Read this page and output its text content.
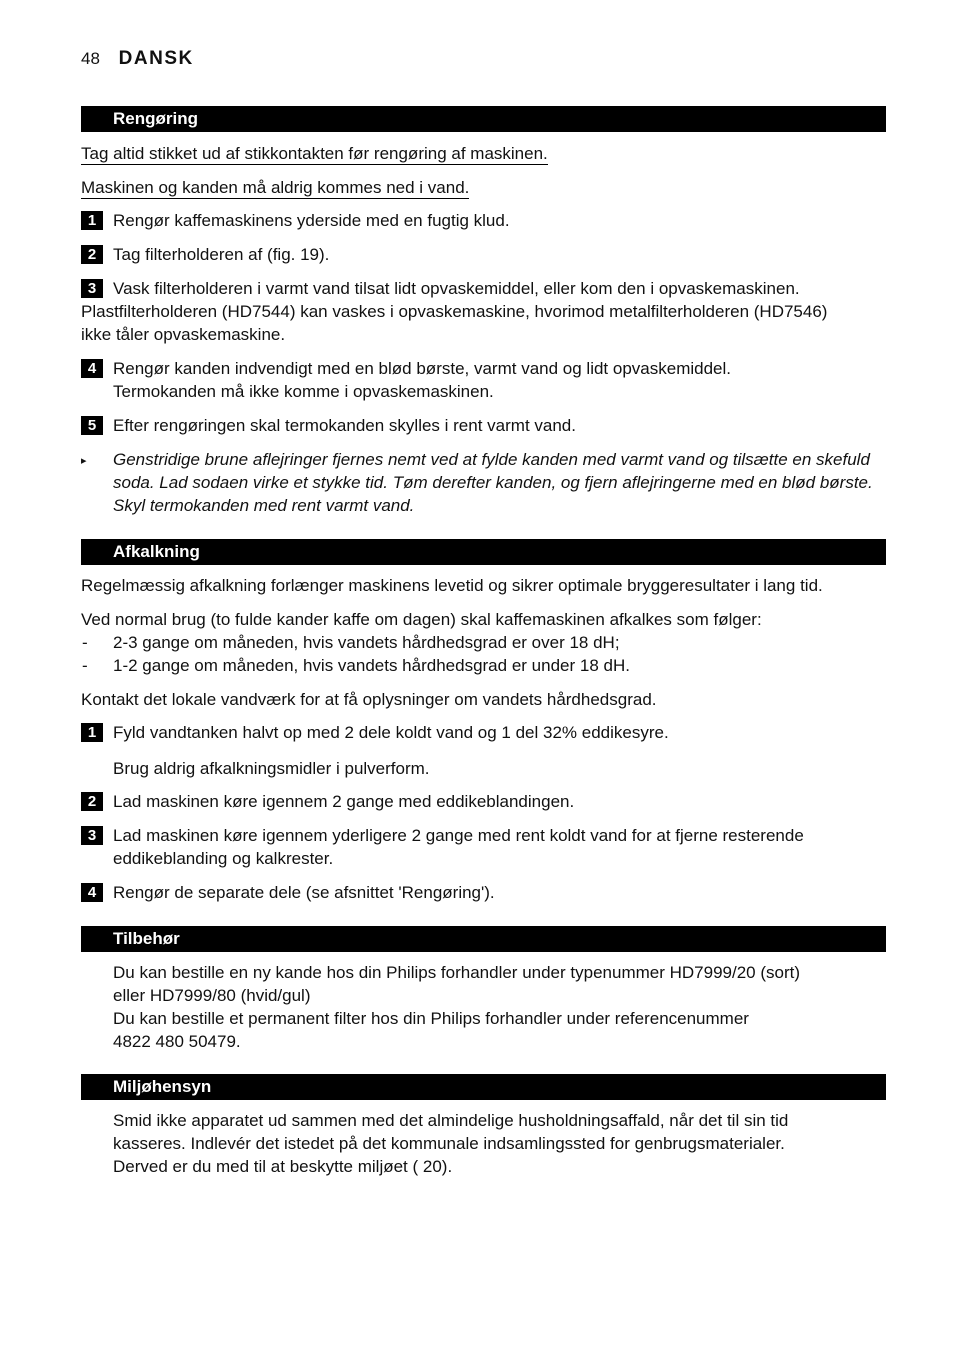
48 DANSK
Rengøring
Tag altid stikket ud af stikkontakten før rengøring af maskinen.
Maskinen og kanden må aldrig kommes ned i vand.
1 Rengør kaffemaskinens yderside med en fugtig klud.
2 Tag filterholderen af (fig. 19).
3 Vask filterholderen i varmt vand tilsat lidt opvaskemiddel, eller kom den i opvaskemaskinen.
Plastfilterholderen (HD7544) kan vaskes i opvaskemaskine, hvorimod metalfilterholderen (HD7546)
ikke tåler opvaskemaskine.
4 Rengør kanden indvendigt med en blød børste, varmt vand og lidt opvaskemiddel.
Termokanden må ikke komme i opvaskemaskinen.
5 Efter rengøringen skal termokanden skylles i rent varmt vand.
▸ Genstridige brune aflejringer fjernes nemt ved at fylde kanden med varmt vand og tilsætte en skefuld
soda. Lad sodaen virke et stykke tid. Tøm derefter kanden, og fjern aflejringerne med en blød børste.
Skyl termokanden med rent varmt vand.
Afkalkning
Regelmæssig afkalkning forlænger maskinens levetid og sikrer optimale bryggeresultater i lang tid.
Ved normal brug (to fulde kander kaffe om dagen) skal kaffemaskinen afkalkes som følger:
- 2-3 gange om måneden, hvis vandets hårdhedsgrad er over 18 dH;
- 1-2 gange om måneden, hvis vandets hårdhedsgrad er under 18 dH.
Kontakt det lokale vandværk for at få oplysninger om vandets hårdhedsgrad.
1 Fyld vandtanken halvt op med 2 dele koldt vand og 1 del 32% eddikesyre.
Brug aldrig afkalkningsmidler i pulverform.
2 Lad maskinen køre igennem 2 gange med eddikeblandingen.
3 Lad maskinen køre igennem yderligere 2 gange med rent koldt vand for at fjerne resterende
eddikeblanding og kalkrester.
4 Rengør de separate dele (se afsnittet 'Rengøring').
Tilbehør
Du kan bestille en ny kande hos din Philips forhandler under typenummer HD7999/20 (sort)
eller HD7999/80 (hvid/gul)
Du kan bestille et permanent filter hos din Philips forhandler under referencenummer
4822 480 50479.
Miljøhensyn
Smid ikke apparatet ud sammen med det almindelige husholdningsaffald, når det til sin tid
kasseres. Indlevér det istedet på det kommunale indsamlingssted for genbrugsmaterialer.
Derved er du med til at beskytte miljøet ( 20).
